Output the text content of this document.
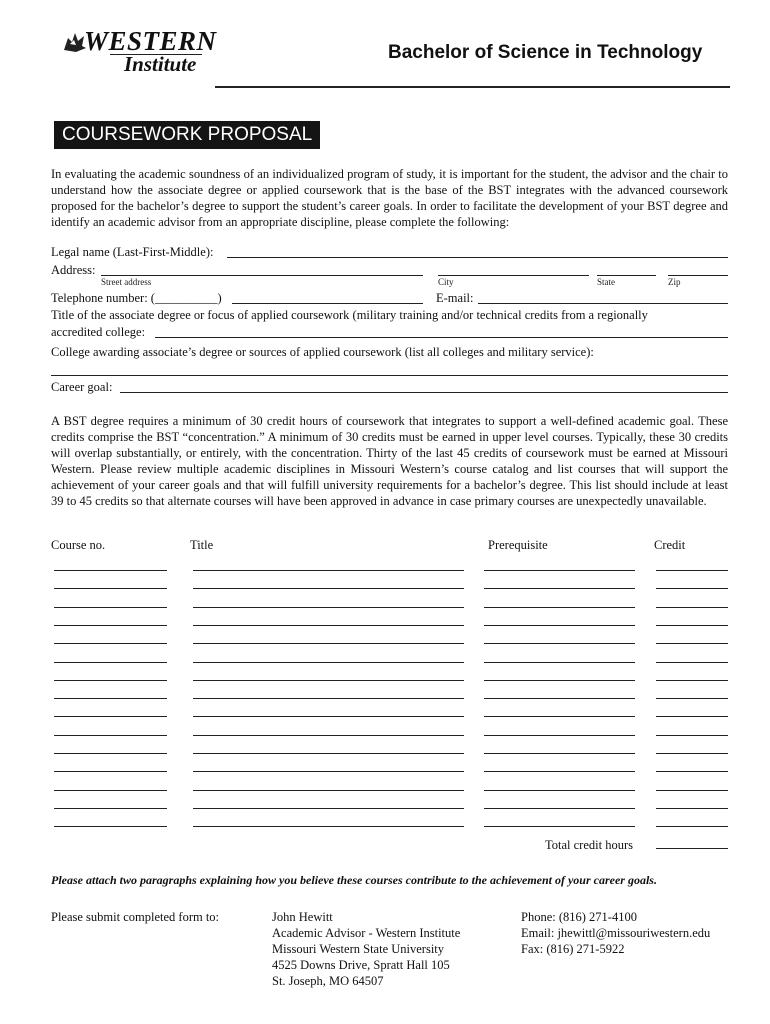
WESTERN
Institute	Bachelor of Science in Technology
COURSEWORK PROPOSAL
In evaluating the academic soundness of an individualized program of study, it is important for the student, the advisor and the chair to understand how the associate degree or applied coursework that is the base of the BST integrates with the advanced coursework proposed for the bachelor’s degree to support the student’s career goals. In order to facilitate the development of your BST degree and identify an academic advisor from an appropriate discipline, please complete the following:
Legal name (Last-First-Middle):
Address:
Street address	City	State	Zip
Telephone number: (__________)	E-mail:
Title of the associate degree or focus of applied coursework (military training and/or technical credits from a regionally
accredited college:
College awarding associate’s degree or sources of applied coursework (list all colleges and military service):
Career goal:
A BST degree requires a minimum of 30 credit hours of coursework that integrates to support a well-defined academic goal. These credits comprise the BST “concentration.” A minimum of 30 credits must be earned in upper level courses. Typically, these 30 credits will overlap substantially, or entirely, with the concentration. Thirty of the last 45 credits of coursework must be earned at Missouri Western. Please review multiple academic disciplines in Missouri Western’s course catalog and list courses that will support the achievement of your career goals and that will fulfill university requirements for a bachelor’s degree. This list should include at least 39 to 45 credits so that alternate courses will have been approved in advance in case primary courses are unexpectedly unavailable.
Course no.	Title	Prerequisite	Credit
Total credit hours
Please attach two paragraphs explaining how you believe these courses contribute to the achievement of your career goals.
Please submit completed form to:	John Hewitt
Academic Advisor - Western Institute
Missouri Western State University
4525 Downs Drive, Spratt Hall 105
St. Joseph, MO 64507
Phone: (816) 271-4100
Email: jhewittl@missouriwestern.edu
Fax: (816) 271-5922
